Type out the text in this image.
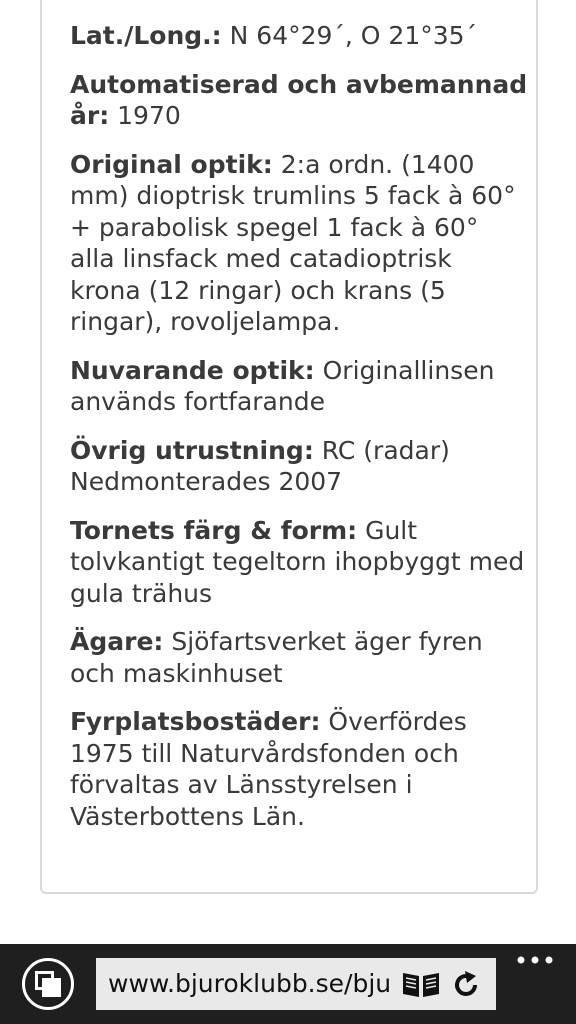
Lat./Long.: N 64°29´, O 21°35´
Automatiserad och avbemannad år: 1970
Original optik: 2:a ordn. (1400 mm) dioptrisk trumlins 5 fack à 60° + parabolisk spegel 1 fack à 60° alla linsfack med catadioptrisk krona (12 ringar) och krans (5 ringar), rovoljelampa.
Nuvarande optik: Originallinsen används fortfarande
Övrig utrustning: RC (radar) Nedmonterades 2007
Tornets färg & form: Gult tolvkantigt tegeltorn ihopbyggt med gula trähus
Ägare: Sjöfartsverket äger fyren och maskinhuset
Fyrplatsbostäder: Överfördes 1975 till Naturvårdsfonden och förvaltas av Länsstyrelsen i Västerbottens Län.
www.bjuroklubb.se/bju
